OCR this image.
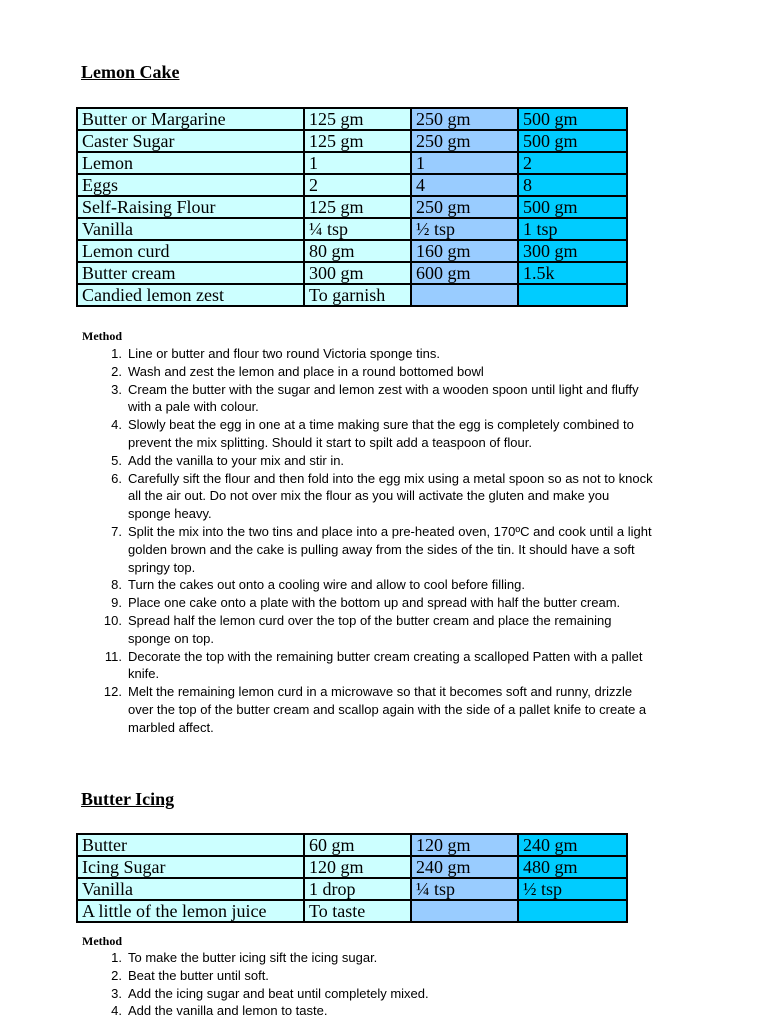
Lemon Cake
Butter or Margarine	125 gm	250 gm	500 gm
Caster Sugar	125 gm	250 gm	500 gm
Lemon	1	1	2
Eggs	2	4	8
Self-Raising Flour	125 gm	250 gm	500 gm
Vanilla	¼ tsp	½ tsp	1 tsp
Lemon curd	80 gm	160 gm	300 gm
Butter cream	300 gm	600 gm	1.5k
Candied lemon zest	To garnish		
Method
1. Line or butter and flour two round Victoria sponge tins.
2. Wash and zest the lemon and place in a round bottomed bowl
3. Cream the butter with the sugar and lemon zest with a wooden spoon until light and fluffy with a pale with colour.
4. Slowly beat the egg in one at a time making sure that the egg is completely combined to prevent the mix splitting. Should it start to spilt add a teaspoon of flour.
5. Add the vanilla to your mix and stir in.
6. Carefully sift the flour and then fold into the egg mix using a metal spoon so as not to knock all the air out. Do not over mix the flour as you will activate the gluten and make you sponge heavy.
7. Split the mix into the two tins and place into a pre-heated oven, 170ºC and cook until a light golden brown and the cake is pulling away from the sides of the tin. It should have a soft springy top.
8. Turn the cakes out onto a cooling wire and allow to cool before filling.
9. Place one cake onto a plate with the bottom up and spread with half the butter cream.
10. Spread half the lemon curd over the top of the butter cream and place the remaining sponge on top.
11. Decorate the top with the remaining butter cream creating a scalloped Patten with a pallet knife.
12. Melt the remaining lemon curd in a microwave so that it becomes soft and runny, drizzle over the top of the butter cream and scallop again with the side of a pallet knife to create a marbled affect.
Butter Icing
Butter	60 gm	120 gm	240 gm
Icing Sugar	120 gm	240 gm	480 gm
Vanilla	1 drop	¼ tsp	½ tsp
A little of the lemon juice	To taste		
Method
1. To make the butter icing sift the icing sugar.
2. Beat the butter until soft.
3. Add the icing sugar and beat until completely mixed.
4. Add the vanilla and lemon to taste.
